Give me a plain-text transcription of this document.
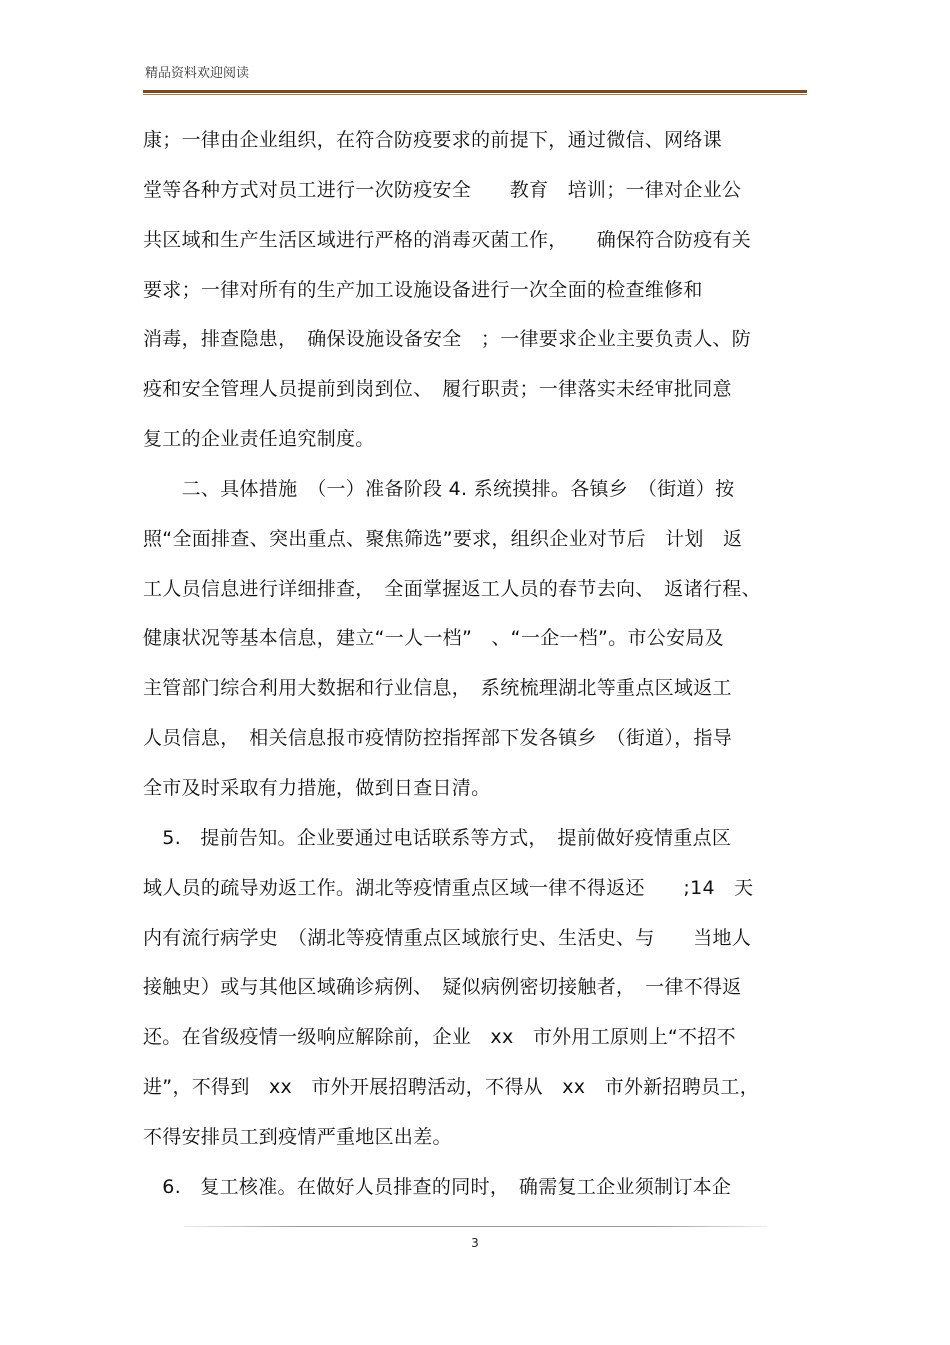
精品资料欢迎阅读
康；一律由企业组织，在符合防疫要求的前提下，通过微信、网络课
堂等各种方式对员工进行一次防疫安全　　教育　培训；一律对企业公
共区域和生产生活区域进行严格的消毒灭菌工作，　　确保符合防疫有关
要求；一律对所有的生产加工设施设备进行一次全面的检查维修和
消毒，排查隐患，　确保设施设备安全　；一律要求企业主要负责人、防
疫和安全管理人员提前到岗到位、　履行职责；一律落实未经审批同意
复工的企业责任追究制度。
　　二、具体措施　（一）准备阶段 4. 系统摸排。各镇乡　（街道）按
照“全面排查、突出重点、聚焦筛选”要求，组织企业对节后　计划　返
工人员信息进行详细排查，　全面掌握返工人员的春节去向、　返诸行程、
健康状况等基本信息，建立“一人一档”　、“一企一档”。市公安局及
主管部门综合利用大数据和行业信息，　系统梳理湖北等重点区域返工
人员信息，　相关信息报市疫情防控指挥部下发各镇乡　（街道），指导
全市及时采取有力措施，做到日查日清。
　5.　提前告知。企业要通过电话联系等方式，　提前做好疫情重点区
域人员的疏导劝返工作。湖北等疫情重点区域一律不得返还　　;14　天
内有流行病学史　（湖北等疫情重点区域旅行史、生活史、与　　当地人
接触史）或与其他区域确诊病例、　疑似病例密切接触者，　一律不得返
还。在省级疫情一级响应解除前，企业　xx　市外用工原则上“不招不
进”，不得到　xx　市外开展招聘活动，不得从　xx　市外新招聘员工，
不得安排员工到疫情严重地区出差。
　6.　复工核准。在做好人员排查的同时，　确需复工企业须制订本企
3
